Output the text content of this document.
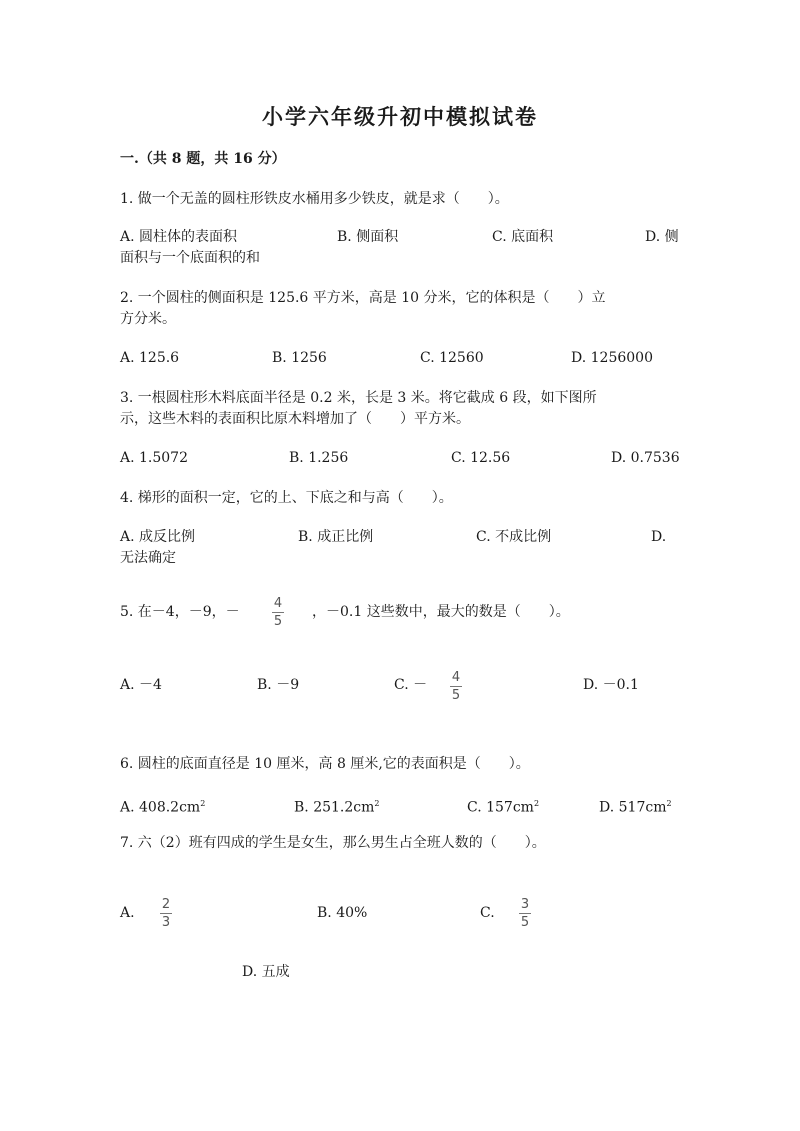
小学六年级升初中模拟试卷
一.（共 8 题，共 16 分）
1. 做一个无盖的圆柱形铁皮水桶用多少铁皮，就是求（　　）。
A. 圆柱体的表面积	B. 侧面积	C. 底面积	D. 侧
面积与一个底面积的和
2. 一个圆柱的侧面积是 125.6 平方米，高是 10 分米，它的体积是（　　）立
方分米。
A. 125.6	B. 1256	C. 12560	D. 1256000
3. 一根圆柱形木料底面半径是 0.2 米，长是 3 米。将它截成 6 段，如下图所
示，这些木料的表面积比原木料增加了（　　）平方米。
A. 1.5072	B. 1.256	C. 12.56	D. 0.7536
4. 梯形的面积一定，它的上、下底之和与高（　　）。
A. 成反比例	B. 成正比例	C. 不成比例	D.
无法确定
5. 在－4，－9，－
4
5
，－0.1 这些数中，最大的数是（　　）。
A. －4	B. －9	C. － 4
5
D. －0.1
6. 圆柱的底面直径是 10 厘米，高 8 厘米,它的表面积是（　　）。
A. $408.2cm^2$	B. $251.2cm^2$	C. $157cm^2$	D. $517cm^2$
7. 六（2）班有四成的学生是女生，那么男生占全班人数的（　　）。
A.
2
3
B. 40%	C.
3
5
D. 五成
